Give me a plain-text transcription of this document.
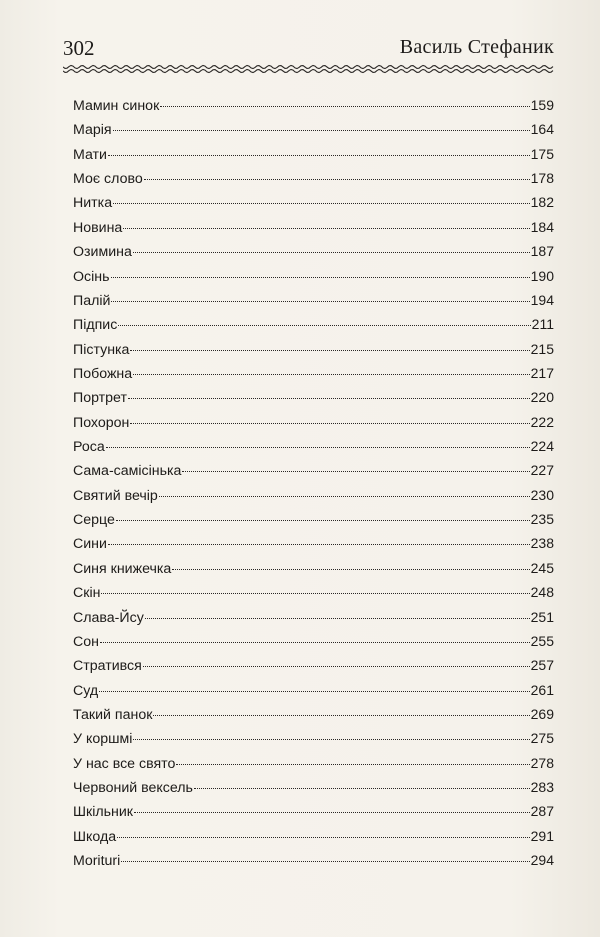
302	Василь Стефаник
Мамин синок	159
Марія	164
Мати	175
Моє слово	178
Нитка	182
Новина	184
Озимина	187
Осінь	190
Палій	194
Підпис	211
Пістунка	215
Побожна	217
Портрет	220
Похорон	222
Роса	224
Сама-самісінька	227
Святий вечір	230
Серце	235
Сини	238
Синя книжечка	245
Скін	248
Слава-Йсу	251
Сон	255
Стратився	257
Суд	261
Такий панок	269
У коршмі	275
У нас все свято	278
Червоний вексель	283
Шкільник	287
Шкода	291
Moriturі	294
